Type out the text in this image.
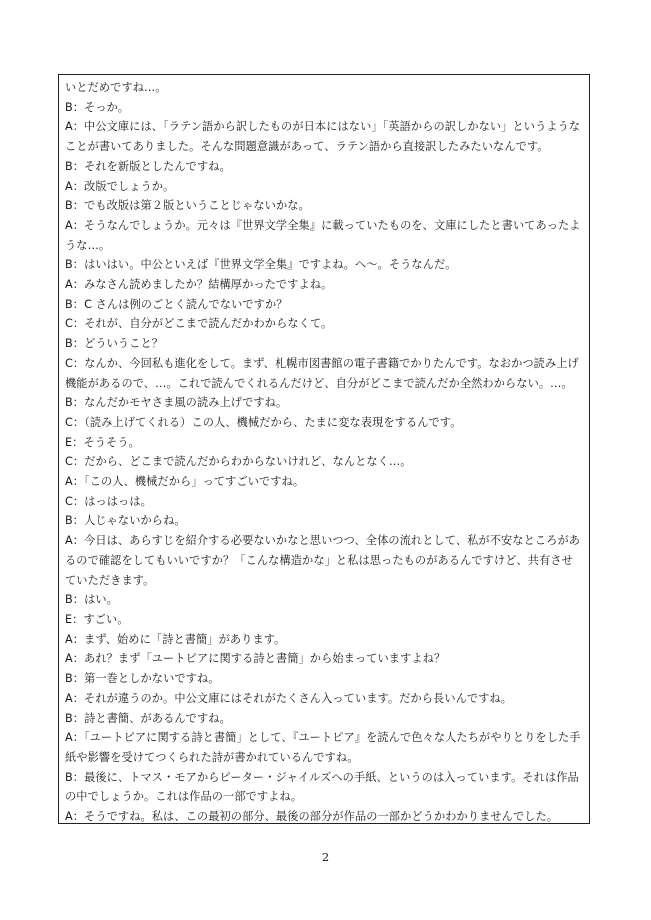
いとだめですね…。
B：そっか。
A：中公文庫には、「ラテン語から訳したものが日本にはない」「英語からの訳しかない」というような
ことが書いてありました。そんな問題意識があって、ラテン語から直接訳したみたいなんです。
B：それを新版としたんですね。
A：改版でしょうか。
B：でも改版は第２版ということじゃないかな。
A：そうなんでしょうか。元々は『世界文学全集』に載っていたものを、文庫にしたと書いてあったよ
うな…。
B：はいはい。中公といえば『世界文学全集』ですよね。へ〜。そうなんだ。
A：みなさん読めましたか？結構厚かったですよね。
B：C さんは例のごとく読んでないですか？
C：それが、自分がどこまで読んだかわからなくて。
B：どういうこと？
C：なんか、今回私も進化をして。まず、札幌市図書館の電子書籍でかりたんです。なおかつ読み上げ
機能があるので、…。これで読んでくれるんだけど、自分がどこまで読んだか全然わからない。…。
B：なんだかモヤさま風の読み上げですね。
C：（読み上げてくれる）この人、機械だから、たまに変な表現をするんです。
E：そうそう。
C：だから、どこまで読んだからわからないけれど、なんとなく…。
A：「この人、機械だから」ってすごいですね。
C：はっはっは。
B：人じゃないからね。
A：今日は、あらすじを紹介する必要ないかなと思いつつ、全体の流れとして、私が不安なところがあ
るので確認をしてもいいですか？「こんな構造かな」と私は思ったものがあるんですけど、共有させ
ていただきます。
B：はい。
E：すごい。
A：まず、始めに「詩と書簡」があります。
A：あれ？まず「ユートピアに関する詩と書簡」から始まっていますよね？
B：第一巻としかないですね。
A：それが違うのか。中公文庫にはそれがたくさん入っています。だから長いんですね。
B：詩と書簡、があるんですね。
A：「ユートピアに関する詩と書簡」として、『ユートピア』を読んで色々な人たちがやりとりをした手
紙や影響を受けてつくられた詩が書かれているんですね。
B：最後に、トマス・モアからピーター・ジャイルズへの手紙、というのは入っています。それは作品
の中でしょうか。これは作品の一部ですよね。
A：そうですね。私は、この最初の部分、最後の部分が作品の一部かどうかわかりませんでした。
2
